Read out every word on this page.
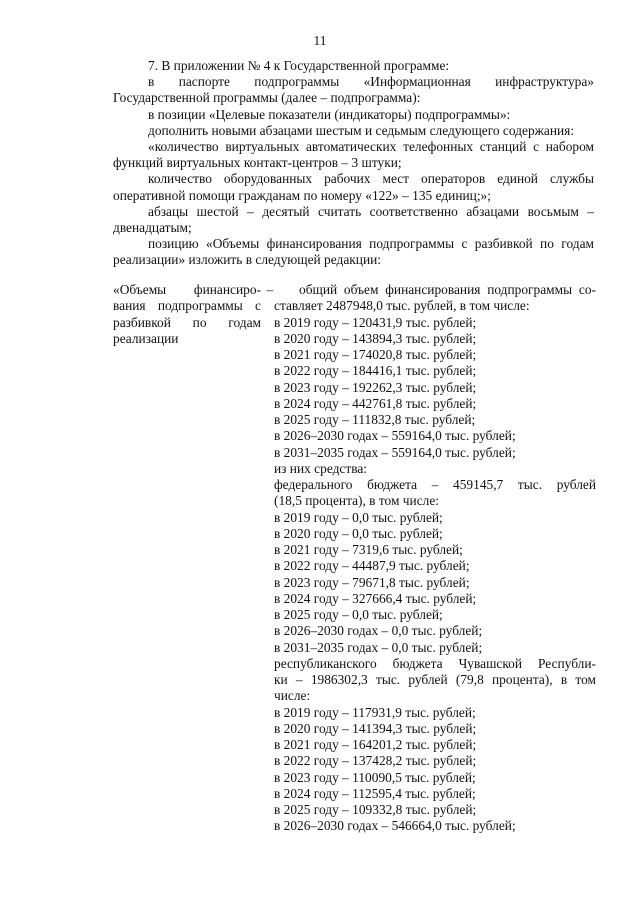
11

7. В приложении № 4 к Государственной программе:

в паспорте подпрограммы «Информационная инфраструктура» Государственной программы (далее – подпрограмма):

в позиции «Целевые показатели (индикаторы) подпрограммы»:

дополнить новыми абзацами шестым и седьмым следующего содержания:

«количество виртуальных автоматических телефонных станций с набором функций виртуальных контакт-центров – 3 штуки;

количество оборудованных рабочих мест операторов единой службы оперативной помощи гражданам по номеру «122» – 135 единиц;»;

абзацы шестой – десятый считать соответственно абзацами восьмым – двенадцатым;

позицию «Объемы финансирования подпрограммы с разбивкой по годам реализации» изложить в следующей редакции:

«Объемы финансиро-
вания подпрограммы с
разбивкой по годам
реализации
–	общий объем финансирования подпрограммы со-
ставляет 2487948,0 тыс. рублей, в том числе:
в 2019 году – 120431,9 тыс. рублей;
в 2020 году – 143894,3 тыс. рублей;
в 2021 году – 174020,8 тыс. рублей;
в 2022 году – 184416,1 тыс. рублей;
в 2023 году – 192262,3 тыс. рублей;
в 2024 году – 442761,8 тыс. рублей;
в 2025 году – 111832,8 тыс. рублей;
в 2026–2030 годах – 559164,0 тыс. рублей;
в 2031–2035 годах – 559164,0 тыс. рублей;
из них средства:
федерального бюджета – 459145,7 тыс. рублей
(18,5 процента), в том числе:
в 2019 году – 0,0 тыс. рублей;
в 2020 году – 0,0 тыс. рублей;
в 2021 году – 7319,6 тыс. рублей;
в 2022 году – 44487,9 тыс. рублей;
в 2023 году – 79671,8 тыс. рублей;
в 2024 году – 327666,4 тыс. рублей;
в 2025 году – 0,0 тыс. рублей;
в 2026–2030 годах – 0,0 тыс. рублей;
в 2031–2035 годах – 0,0 тыс. рублей;
республиканского бюджета Чувашской Республи-
ки – 1986302,3 тыс. рублей (79,8 процента), в том
числе:
в 2019 году – 117931,9 тыс. рублей;
в 2020 году – 141394,3 тыс. рублей;
в 2021 году – 164201,2 тыс. рублей;
в 2022 году – 137428,2 тыс. рублей;
в 2023 году – 110090,5 тыс. рублей;
в 2024 году – 112595,4 тыс. рублей;
в 2025 году – 109332,8 тыс. рублей;
в 2026–2030 годах – 546664,0 тыс. рублей;
